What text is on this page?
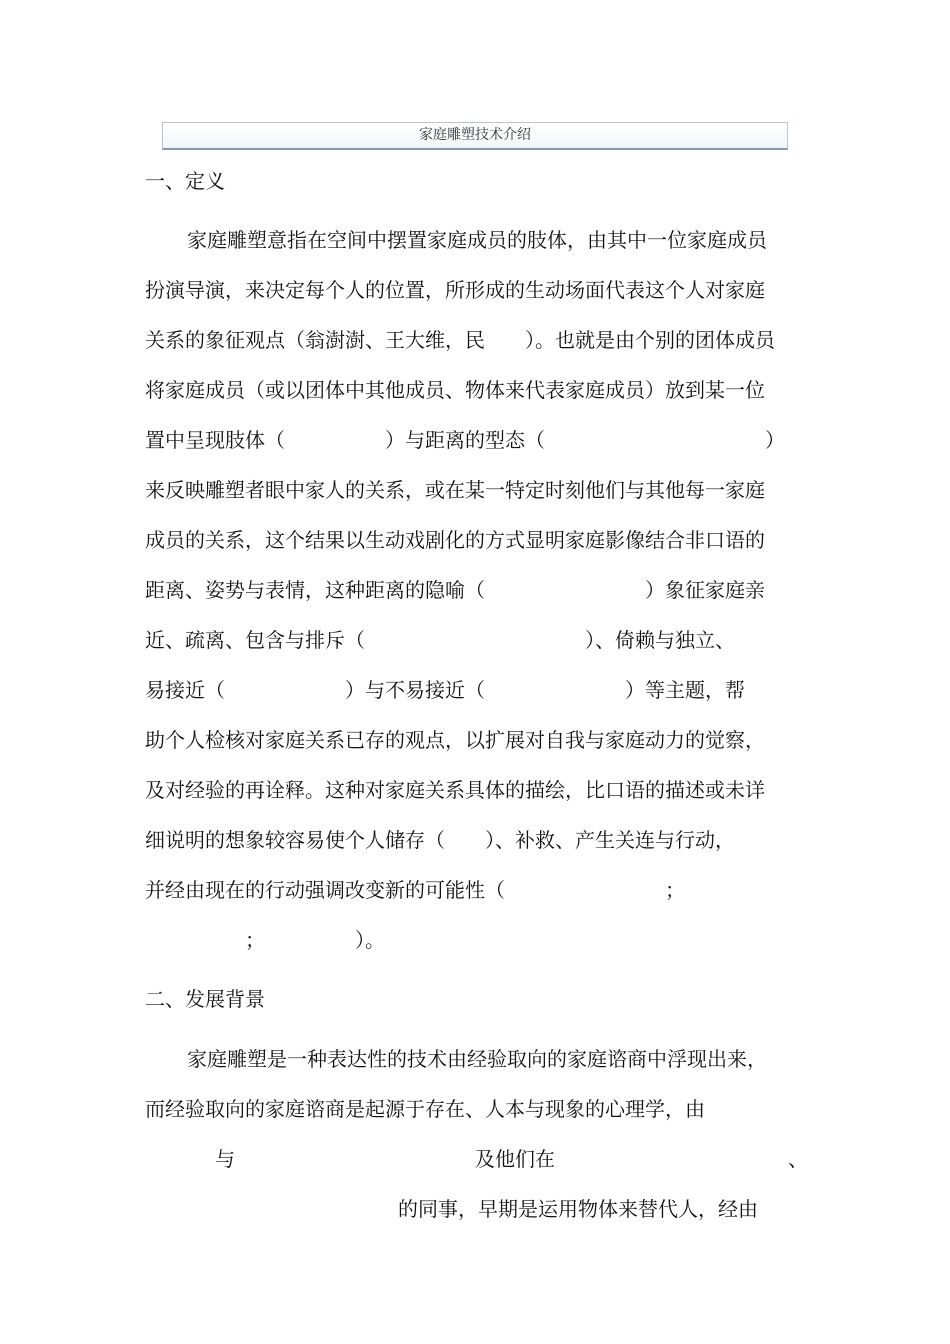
家庭雕塑技术介绍
一、定义
家庭雕塑意指在空间中摆置家庭成员的肢体，由其中一位家庭成员
扮演导演，来决定每个人的位置，所形成的生动场面代表这个人对家庭
关系的象征观点（翁澍澍、王大维，民　　）。也就是由个别的团体成员
将家庭成员（或以团体中其他成员、物体来代表家庭成员）放到某一位
置中呈现肢体（　　　　　）与距离的型态（　　　　　　　　　　　）
来反映雕塑者眼中家人的关系，或在某一特定时刻他们与其他每一家庭
成员的关系，这个结果以生动戏剧化的方式显明家庭影像结合非口语的
距离、姿势与表情，这种距离的隐喻（　　　　　　　　）象征家庭亲
近、疏离、包含与排斥（　　　　　　　　　　　）、倚赖与独立、
易接近（　　　　　　）与不易接近（　　　　　　　）等主题，帮
助个人检核对家庭关系已存的观点，以扩展对自我与家庭动力的觉察，
及对经验的再诠释。这种对家庭关系具体的描绘，比口语的描述或未详
细说明的想象较容易使个人储存（　　）、补救、产生关连与行动，
并经由现在的行动强调改变新的可能性（　　　　　　　　；
　　　　　；　　　　　）。
二、发展背景
家庭雕塑是一种表达性的技术由经验取向的家庭谘商中浮现出来，
而经验取向的家庭谘商是起源于存在、人本与现象的心理学，由
与	及他们在	、
的同事，早期是运用物体来替代人，经由
